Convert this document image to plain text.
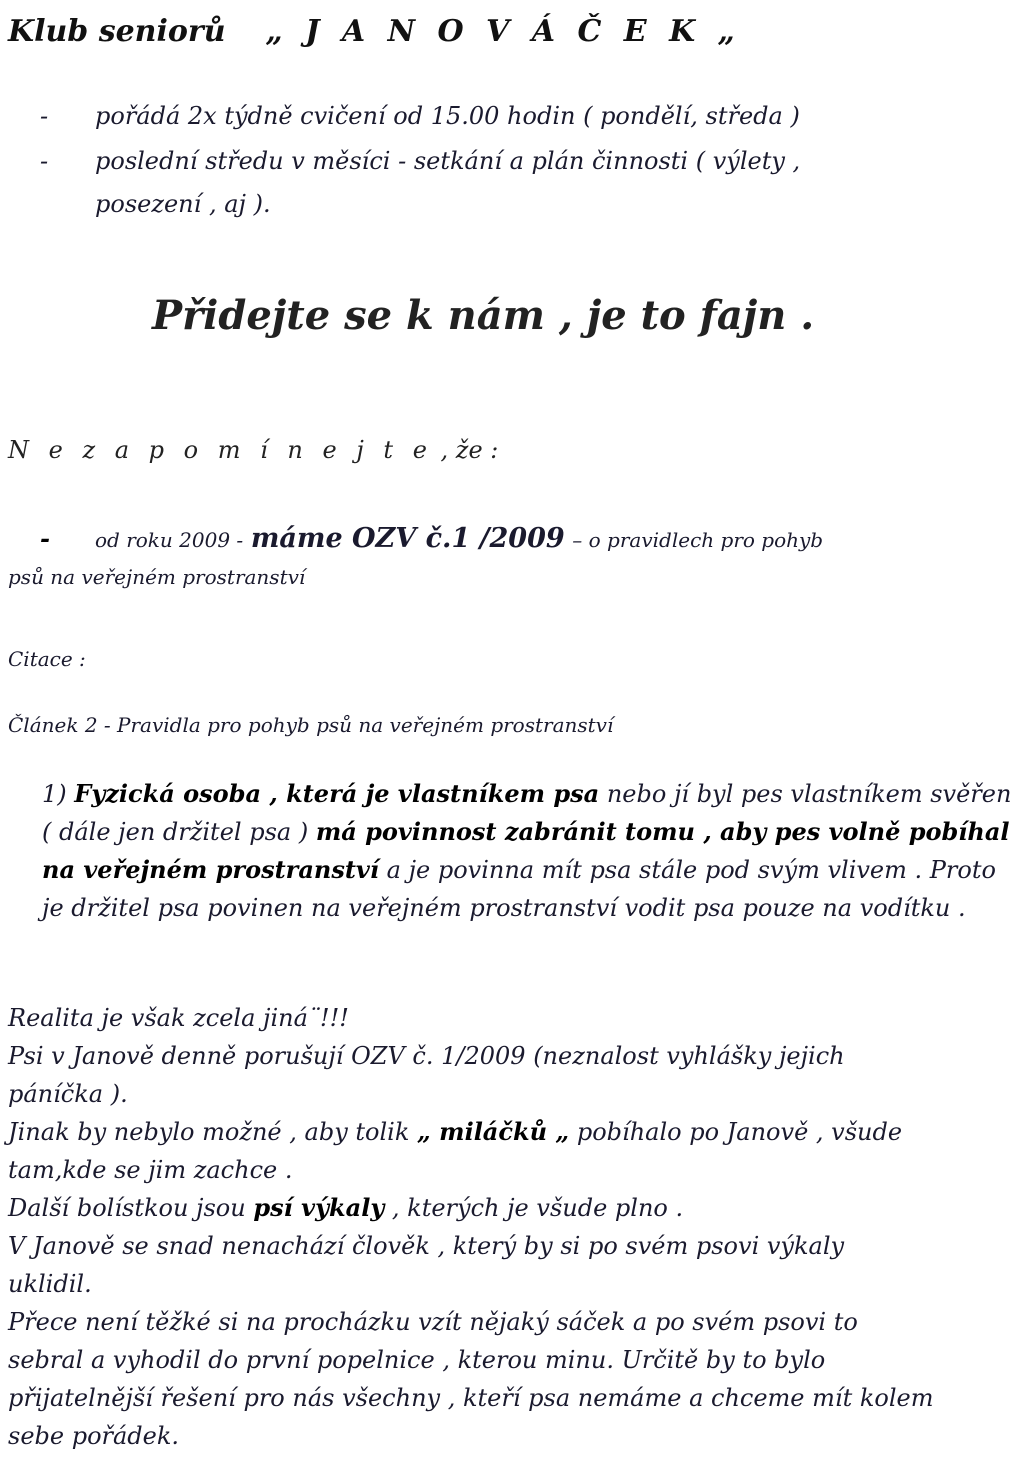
Klub seniorů „ J A N O V Á Č E K „
- pořádá 2x týdně cvičení od 15.00 hodin ( pondělí, středa )
- poslední středu v měsíci - setkání a plán činnosti ( výlety ,
posezení , aj ).
Přidejte se k nám , je to fajn .
N e z a p o m í n e j t e , že :
- od roku 2009 - máme OZV č.1 /2009 – o pravidlech pro pohyb
psů na veřejném prostranství
Citace :
Článek 2 - Pravidla pro pohyb psů na veřejném prostranství
1) Fyzická osoba , která je vlastníkem psa nebo jí byl pes vlastníkem svěřen
( dále jen držitel psa ) má povinnost zabránit tomu , aby pes volně pobíhal
na veřejném prostranství a je povinna mít psa stále pod svým vlivem . Proto
je držitel psa povinen na veřejném prostranství vodit psa pouze na vodítku .
Realita je však zcela jiná¨!!!
Psi v Janově denně porušují OZV č. 1/2009 (neznalost vyhlášky jejich
páníčka ).
Jinak by nebylo možné , aby tolik „ miláčků „ pobíhalo po Janově , všude
tam,kde se jim zachce .
Další bolístkou jsou psí výkaly , kterých je všude plno .
V Janově se snad nenachází člověk , který by si po svém psovi výkaly
uklidil.
Přece není těžké si na procházku vzít nějaký sáček a po svém psovi to
sebral a vyhodil do první popelnice , kterou minu. Určitě by to bylo
přijatelnější řešení pro nás všechny , kteří psa nemáme a chceme mít kolem
sebe pořádek.
